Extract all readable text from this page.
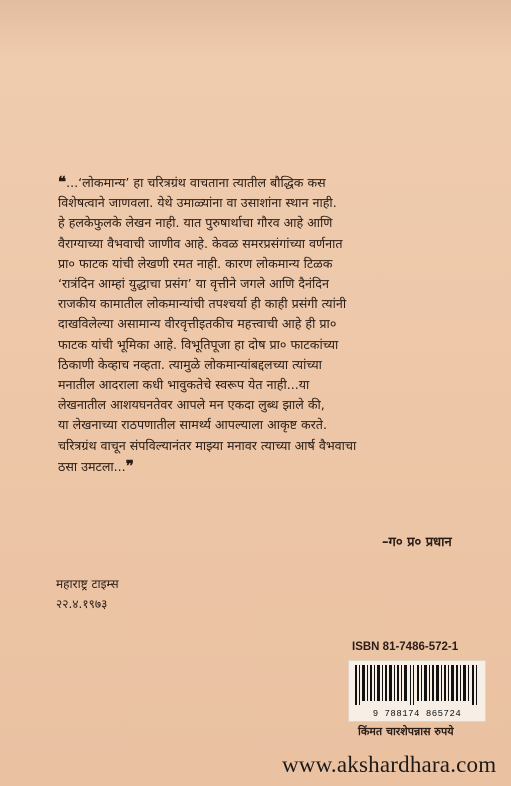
❝...‘लोकमान्य’ हा चरित्रग्रंथ वाचताना त्यातील बौद्धिक कस
विशेषत्वाने जाणवला. येथे उमाळ्यांना वा उसाशांना स्थान नाही.
हे हलकेफुलके लेखन नाही. यात पुरुषार्थाचा गौरव आहे आणि
वैराग्याच्या वैभवाची जाणीव आहे. केवळ समरप्रसंगांच्या वर्णनात
प्रा० फाटक यांची लेखणी रमत नाही. कारण लोकमान्य टिळक
‘रात्रंदिन आम्हां युद्धाचा प्रसंग’ या वृत्तीने जगले आणि दैनंदिन
राजकीय कामातील लोकमान्यांची तपश्चर्या ही काही प्रसंगी त्यांनी
दाखविलेल्या असामान्य वीरवृत्तीइतकीच महत्त्वाची आहे ही प्रा०
फाटक यांची भूमिका आहे. विभूतिपूजा हा दोष प्रा० फाटकांच्या
ठिकाणी केव्हाच नव्हता. त्यामुळे लोकमान्यांबद्दलच्या त्यांच्या
मनातील आदराला कधी भावुकतेचे स्वरूप येत नाही...या
लेखनातील आशयघनतेवर आपले मन एकदा लुब्ध झाले की,
या लेखनाच्या राठपणातील सामर्थ्य आपल्याला आकृष्ट करते.
चरित्रग्रंथ वाचून संपविल्यानंतर माझ्या मनावर त्याच्या आर्ष वैभवाचा
ठसा उमटला...❞
–ग० प्र० प्रधान
महाराष्ट्र टाइम्स
२२.४.१९७३
ISBN 81-7486-572-1
9 788174 865724
किंमत चारशेपन्नास रुपये
www.akshardhara.com
